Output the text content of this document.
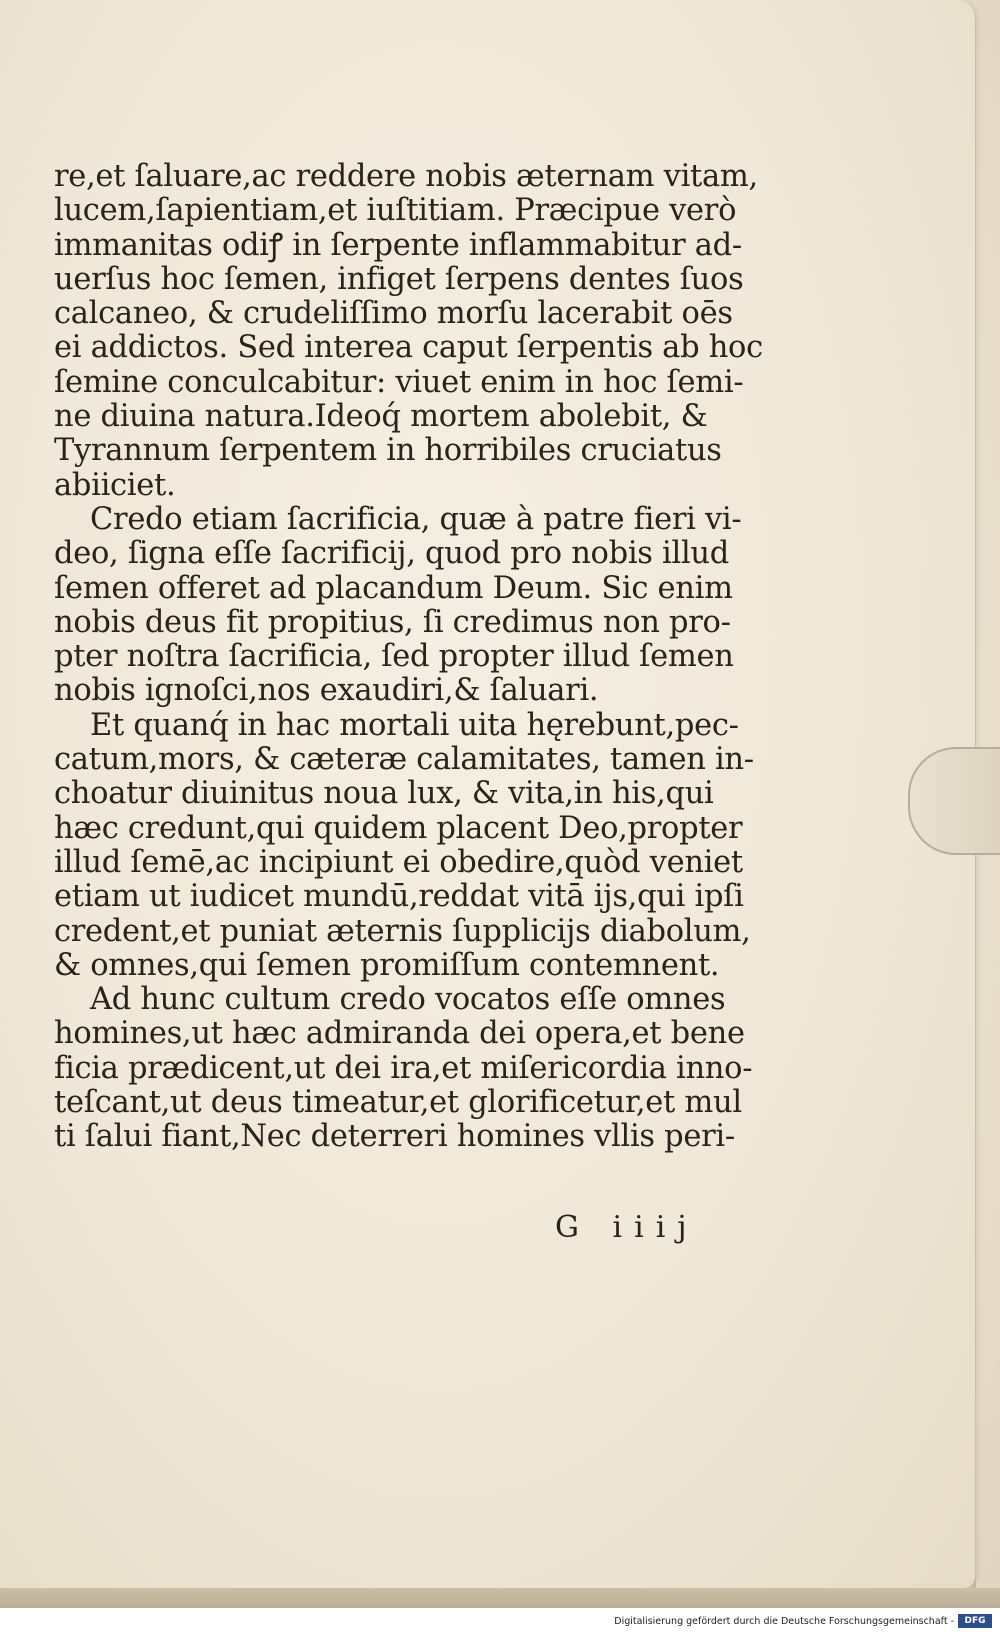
re,et ſaluare,ac reddere nobis æternam vitam,
lucem,ſapientiam,et iuſtitiam. Præcipue verò
immanitas odiꝭ in ſerpente inflammabitur ad-
uerſus hoc ſemen, infiget ſerpens dentes ſuos
calcaneo, & crudeliſſimo morſu lacerabit oēs
ei addictos. Sed interea caput ſerpentis ab hoc
ſemine conculcabitur: viuet enim in hoc ſemi-
ne diuina natura.Ideoq́ mortem abolebit, &
Tyrannum ſerpentem in horribiles cruciatus
abiiciet.
Credo etiam ſacrificia, quæ à patre fieri vi-
deo, ſigna eſſe ſacrificij, quod pro nobis illud
ſemen offeret ad placandum Deum. Sic enim
nobis deus fit propitius, ſi credimus non pro-
pter noſtra ſacrificia, ſed propter illud ſemen
nobis ignoſci,nos exaudiri,& ſaluari.
Et quanq́ in hac mortali uita hęrebunt,pec-
catum,mors, & cæteræ calamitates, tamen in-
choatur diuinitus noua lux, & vita,in his,qui
hæc credunt,qui quidem placent Deo,propter
illud ſemē,ac incipiunt ei obedire,quòd veniet
etiam ut iudicet mundū,reddat vitā ijs,qui ipſi
credent,et puniat æternis ſupplicijs diabolum,
& omnes,qui ſemen promiſſum contemnent.
Ad hunc cultum credo vocatos eſſe omnes
homines,ut hæc admiranda dei opera,et bene
ficia prædicent,ut dei ira,et miſericordia inno-
teſcant,ut deus timeatur,et glorificetur,et mul
ti ſalui fiant,Nec deterreri homines vllis peri-
G iiij
Digitalisierung gefördert durch die Deutsche Forschungsgemeinschaft -	DFG
